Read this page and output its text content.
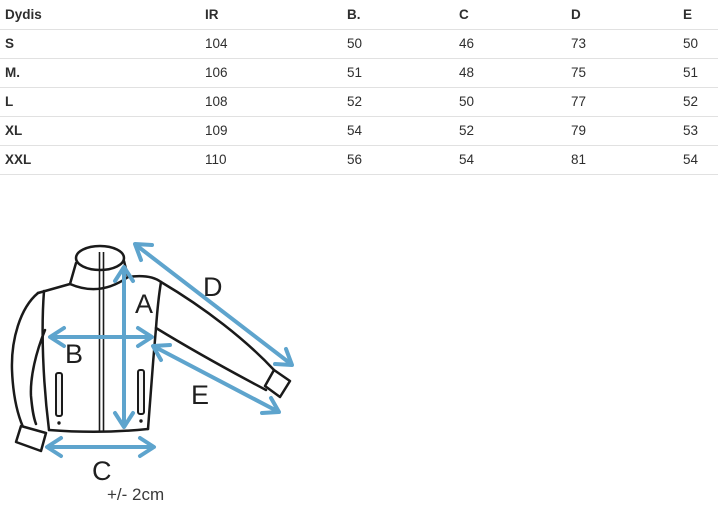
Dydis	IR	B.	C	D	E
S	104	50	46	73	50
M.	106	51	48	75	51
L	108	52	50	77	52
XL	109	54	52	79	53
XXL	110	56	54	81	54
A
B
C
D
E
+/- 2cm
